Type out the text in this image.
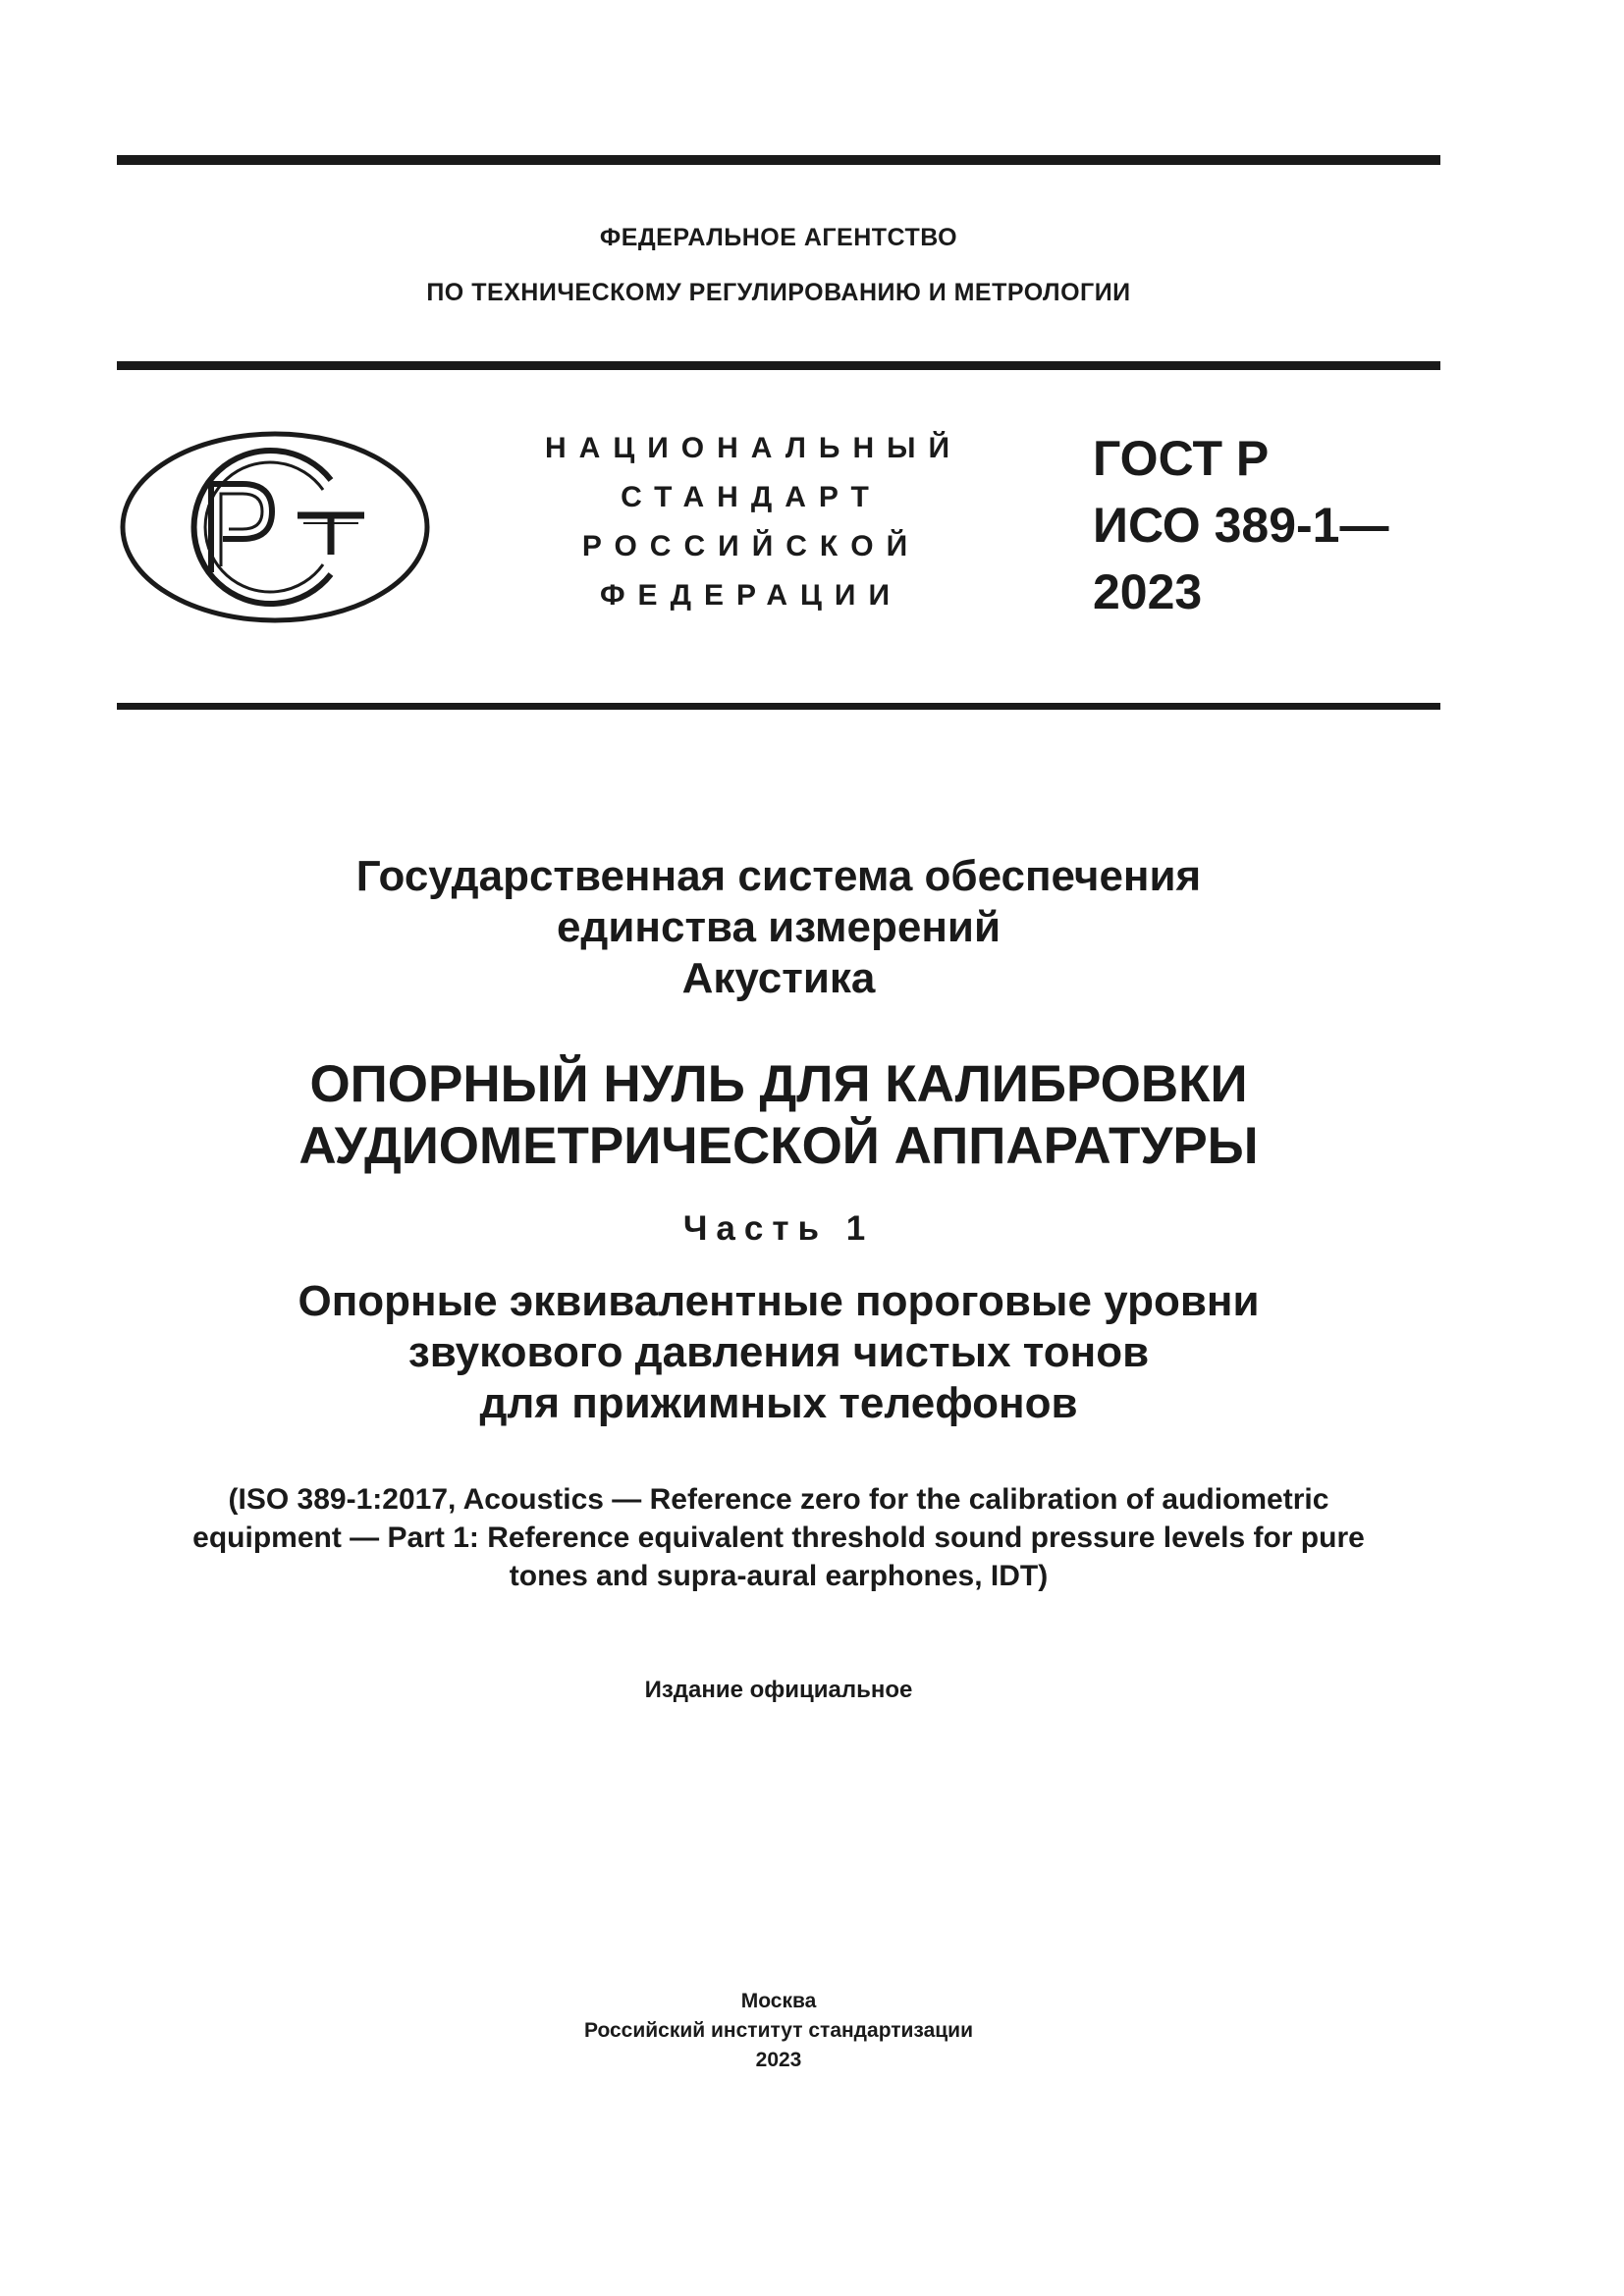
ФЕДЕРАЛЬНОЕ АГЕНТСТВО
ПО ТЕХНИЧЕСКОМУ РЕГУЛИРОВАНИЮ И МЕТРОЛОГИИ
НАЦИОНАЛЬНЫЙ
СТАНДАРТ
РОССИЙСКОЙ
ФЕДЕРАЦИИ
ГОСТ Р
ИСО 389-1—
2023
Государственная система обеспечения
единства измерений
Акустика
ОПОРНЫЙ НУЛЬ ДЛЯ КАЛИБРОВКИ
АУДИОМЕТРИЧЕСКОЙ АППАРАТУРЫ
Часть 1
Опорные эквивалентные пороговые уровни
звукового давления чистых тонов
для прижимных телефонов
(ISO 389-1:2017, Acoustics — Reference zero for the calibration of audiometric
equipment — Part 1: Reference equivalent threshold sound pressure levels for pure
tones and supra-aural earphones, IDT)
Издание официальное
Москва
Российский институт стандартизации
2023
